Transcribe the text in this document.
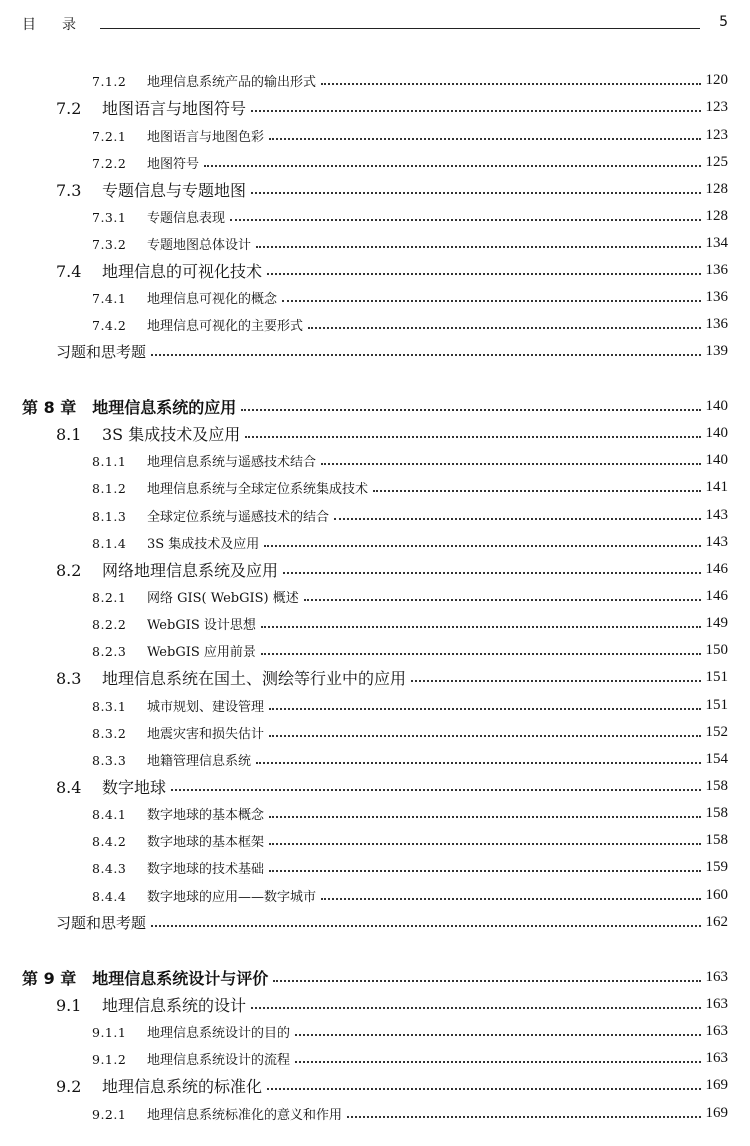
目录	5
7.1.2 地理信息系统产品的输出形式	120
7.2 地图语言与地图符号	123
7.2.1 地图语言与地图色彩	123
7.2.2 地图符号	125
7.3 专题信息与专题地图	128
7.3.1 专题信息表现	128
7.3.2 专题地图总体设计	134
7.4 地理信息的可视化技术	136
7.4.1 地理信息可视化的概念	136
7.4.2 地理信息可视化的主要形式	136
习题和思考题	139
第 8 章 地理信息系统的应用	140
8.1 3S 集成技术及应用	140
8.1.1 地理信息系统与遥感技术结合	140
8.1.2 地理信息系统与全球定位系统集成技术	141
8.1.3 全球定位系统与遥感技术的结合	143
8.1.4 3S 集成技术及应用	143
8.2 网络地理信息系统及应用	146
8.2.1 网络 GIS( WebGIS) 概述	146
8.2.2 WebGIS 设计思想	149
8.2.3 WebGIS 应用前景	150
8.3 地理信息系统在国土、测绘等行业中的应用	151
8.3.1 城市规划、建设管理	151
8.3.2 地震灾害和损失估计	152
8.3.3 地籍管理信息系统	154
8.4 数字地球	158
8.4.1 数字地球的基本概念	158
8.4.2 数字地球的基本框架	158
8.4.3 数字地球的技术基础	159
8.4.4 数字地球的应用——数字城市	160
习题和思考题	162
第 9 章 地理信息系统设计与评价	163
9.1 地理信息系统的设计	163
9.1.1 地理信息系统设计的目的	163
9.1.2 地理信息系统设计的流程	163
9.2 地理信息系统的标准化	169
9.2.1 地理信息系统标准化的意义和作用	169
